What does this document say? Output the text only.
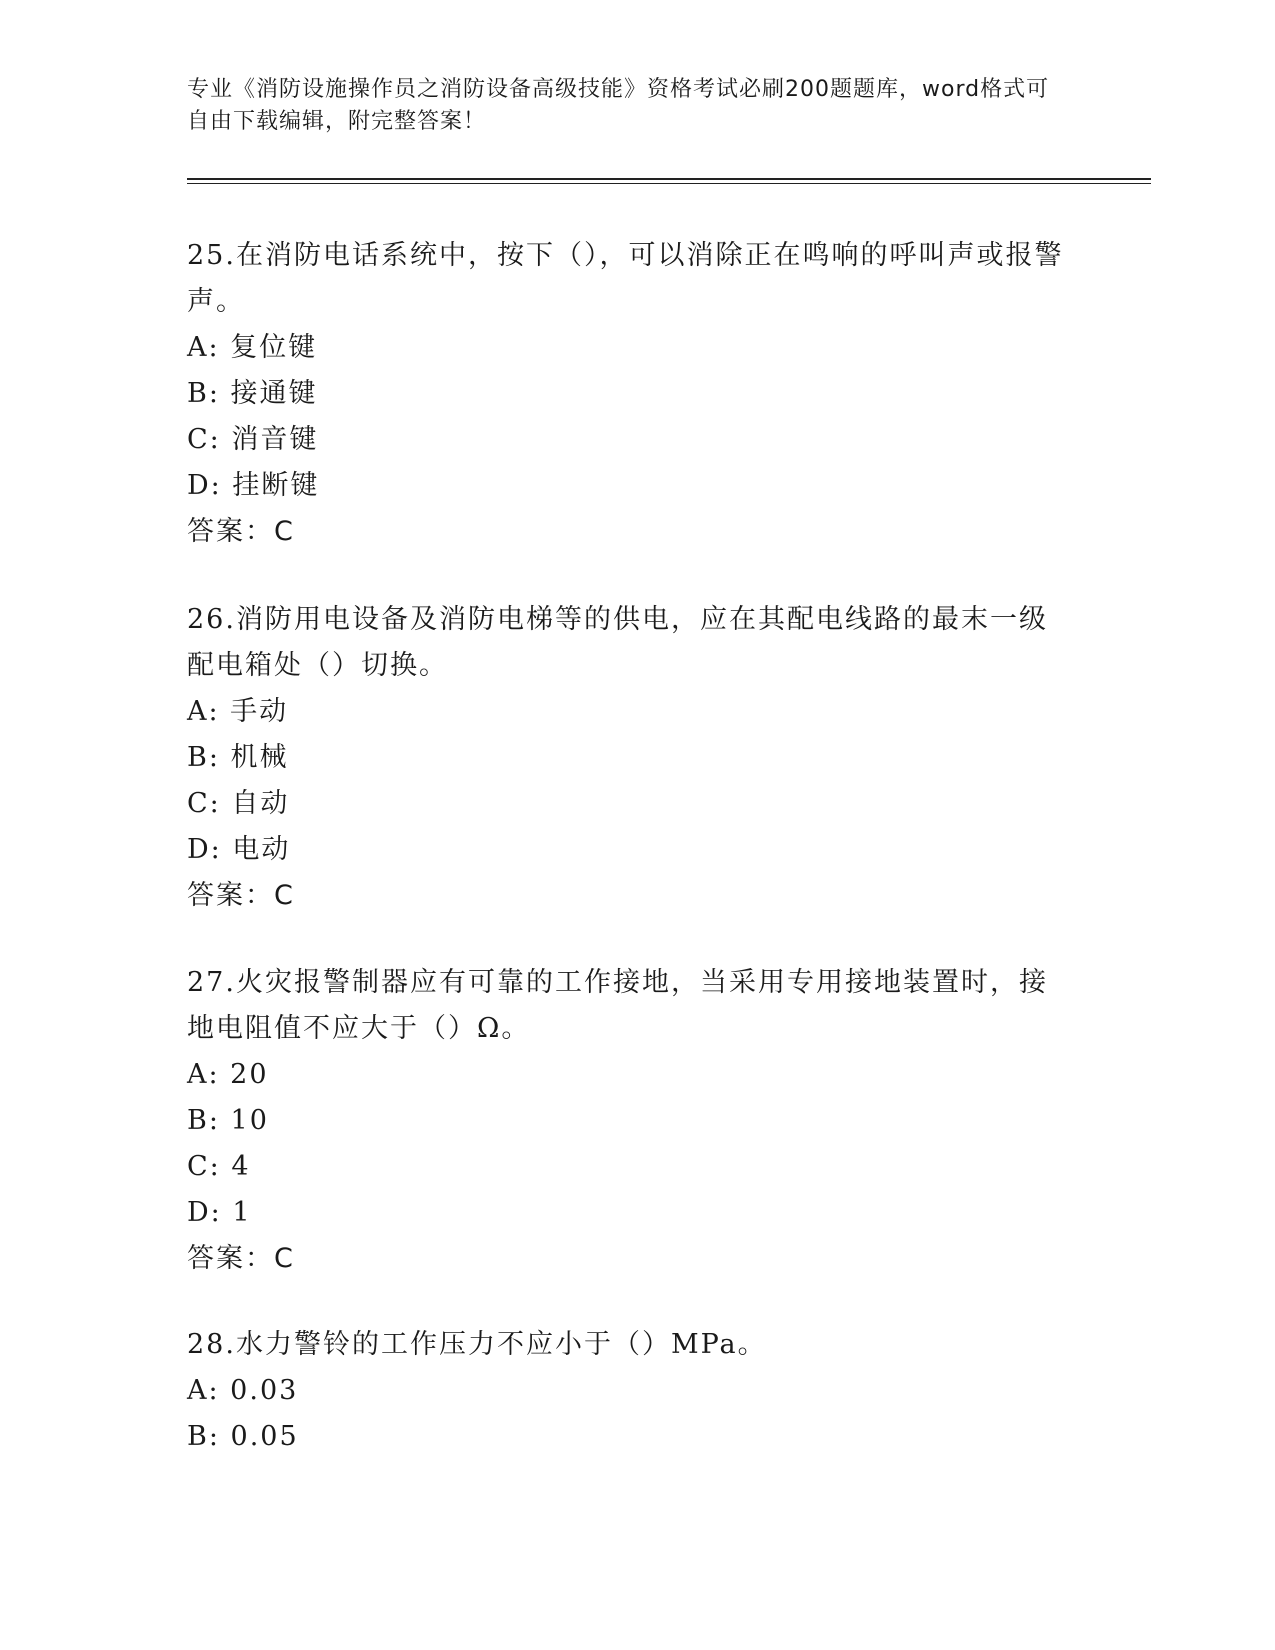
专业《消防设施操作员之消防设备高级技能》资格考试必刷200题题库，word格式可自由下载编辑，附完整答案！

25.在消防电话系统中，按下（），可以消除正在鸣响的呼叫声或报警声。

A: 复位键

B: 接通键

C: 消音键

D: 挂断键

答案：C

26.消防用电设备及消防电梯等的供电，应在其配电线路的最末一级配电箱处（）切换。

A: 手动

B: 机械

C: 自动

D: 电动

答案：C

27.火灾报警制器应有可靠的工作接地，当采用专用接地装置时，接地电阻值不应大于（）Ω。

A: 20

B: 10

C: 4

D: 1

答案：C

28.水力警铃的工作压力不应小于（）MPa。

A: 0.03

B: 0.05
